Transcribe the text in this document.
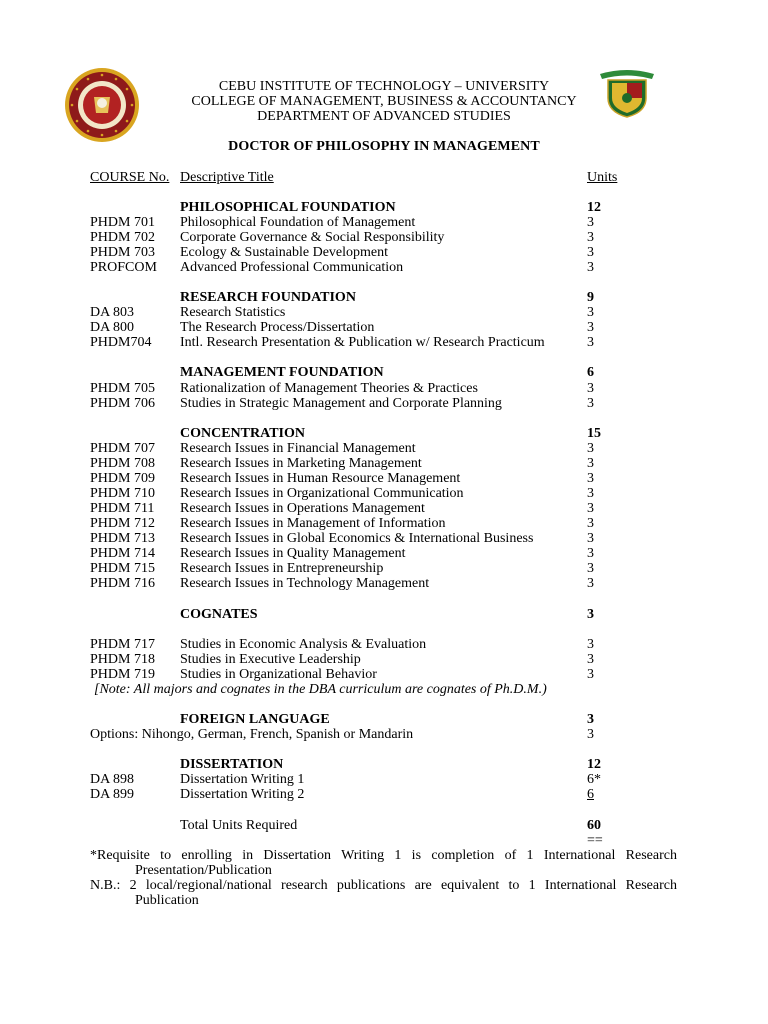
CEBU INSTITUTE OF TECHNOLOGY – UNIVERSITY
COLLEGE OF MANAGEMENT, BUSINESS & ACCOUNTANCY
DEPARTMENT OF ADVANCED STUDIES
DOCTOR OF PHILOSOPHY IN MANAGEMENT
COURSE No. Descriptive Title	Units
PHILOSOPHICAL FOUNDATION	12
PHDM 701 Philosophical Foundation of Management	3
PHDM 702 Corporate Governance & Social Responsibility	3
PHDM 703 Ecology & Sustainable Development	3
PROFCOM Advanced Professional Communication	3
RESEARCH FOUNDATION	9
DA 803	Research Statistics	3
DA 800	The Research Process/Dissertation	3
PHDM704 Intl. Research Presentation & Publication w/ Research Practicum	3
MANAGEMENT FOUNDATION	6
PHDM 705 Rationalization of Management Theories & Practices	3
PHDM 706 Studies in Strategic Management and Corporate Planning	3
CONCENTRATION	15
PHDM 707 Research Issues in Financial Management	3
PHDM 708 Research Issues in Marketing Management	3
PHDM 709 Research Issues in Human Resource Management	3
PHDM 710 Research Issues in Organizational Communication	3
PHDM 711 Research Issues in Operations Management	3
PHDM 712 Research Issues in Management of Information	3
PHDM 713 Research Issues in Global Economics & International Business	3
PHDM 714 Research Issues in Quality Management	3
PHDM 715 Research Issues in Entrepreneurship	3
PHDM 716 Research Issues in Technology Management	3
COGNATES	3
PHDM 717 Studies in Economic Analysis & Evaluation	3
PHDM 718 Studies in Executive Leadership	3
PHDM 719 Studies in Organizational Behavior	3
[Note: All majors and cognates in the DBA curriculum are cognates of Ph.D.M.)
FOREIGN LANGUAGE	3
Options: Nihongo, German, French, Spanish or Mandarin	3
DISSERTATION	12
DA 898	Dissertation Writing 1	6*
DA 899	Dissertation Writing 2	6
Total Units Required	60
==
*Requisite to enrolling in Dissertation Writing 1 is completion of 1 International Research
Presentation/Publication
N.B.: 2 local/regional/national research publications are equivalent to 1 International Research
Publication
